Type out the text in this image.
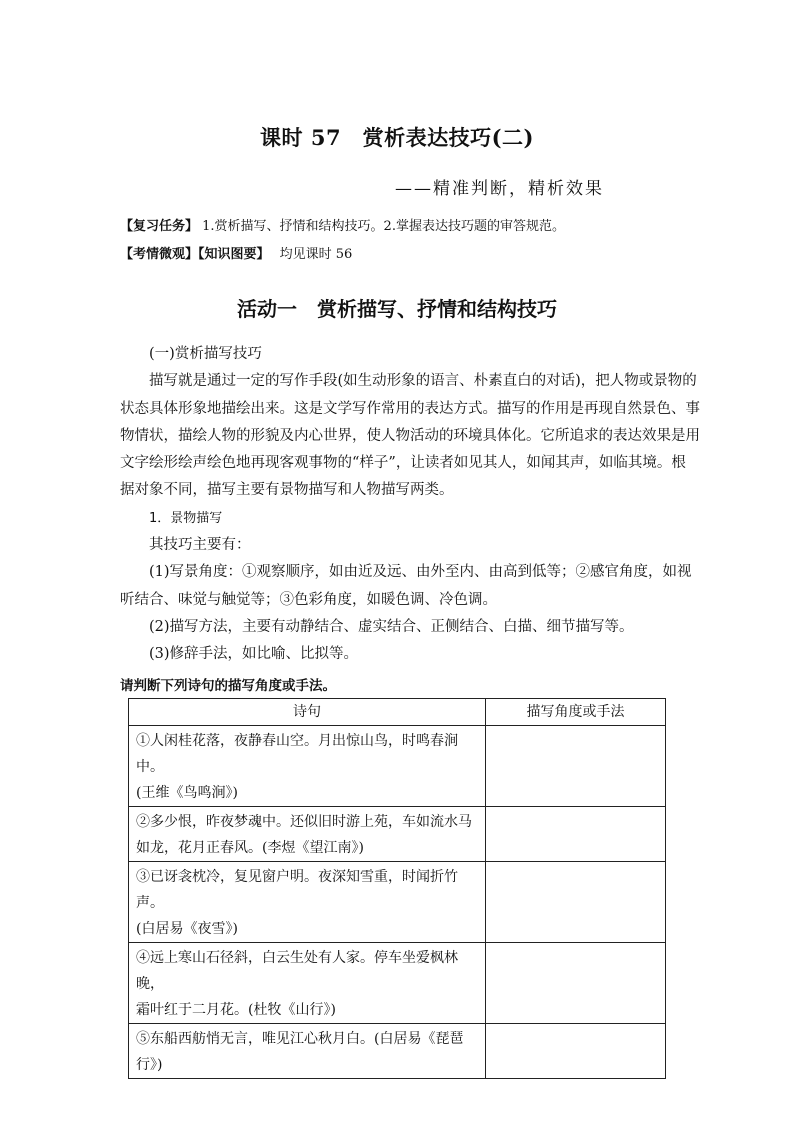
课时 57　赏析表达技巧(二)
——精准判断，精析效果
【复习任务】 1.赏析描写、抒情和结构技巧。2.掌握表达技巧题的审答规范。
【考情微观】【知识图要】 均见课时 56
活动一　赏析描写、抒情和结构技巧
(一)赏析描写技巧
描写就是通过一定的写作手段(如生动形象的语言、朴素直白的对话)，把人物或景物的
状态具体形象地描绘出来。这是文学写作常用的表达方式。描写的作用是再现自然景色、事
物情状，描绘人物的形貌及内心世界，使人物活动的环境具体化。它所追求的表达效果是用
文字绘形绘声绘色地再现客观事物的“样子”，让读者如见其人，如闻其声，如临其境。根
据对象不同，描写主要有景物描写和人物描写两类。
1．景物描写
其技巧主要有：
(1)写景角度：①观察顺序，如由近及远、由外至内、由高到低等；②感官角度，如视
听结合、味觉与触觉等；③色彩角度，如暖色调、冷色调。
(2)描写方法，主要有动静结合、虚实结合、正侧结合、白描、细节描写等。
(3)修辞手法，如比喻、比拟等。
请判断下列诗句的描写角度或手法。
诗句	描写角度或手法

①人闲桂花落，夜静春山空。月出惊山鸟，时鸣春涧中。
(王维《鸟鸣涧》)	

②多少恨，昨夜梦魂中。还似旧时游上苑，车如流水马
如龙，花月正春风。(李煜《望江南》)	

③已讶衾枕冷，复见窗户明。夜深知雪重，时闻折竹声。
(白居易《夜雪》)	

④远上寒山石径斜，白云生处有人家。停车坐爱枫林晚，
霜叶红于二月花。(杜牧《山行》)	

⑤东船西舫悄无言，唯见江心秋月白。(白居易《琵琶
行》)	
